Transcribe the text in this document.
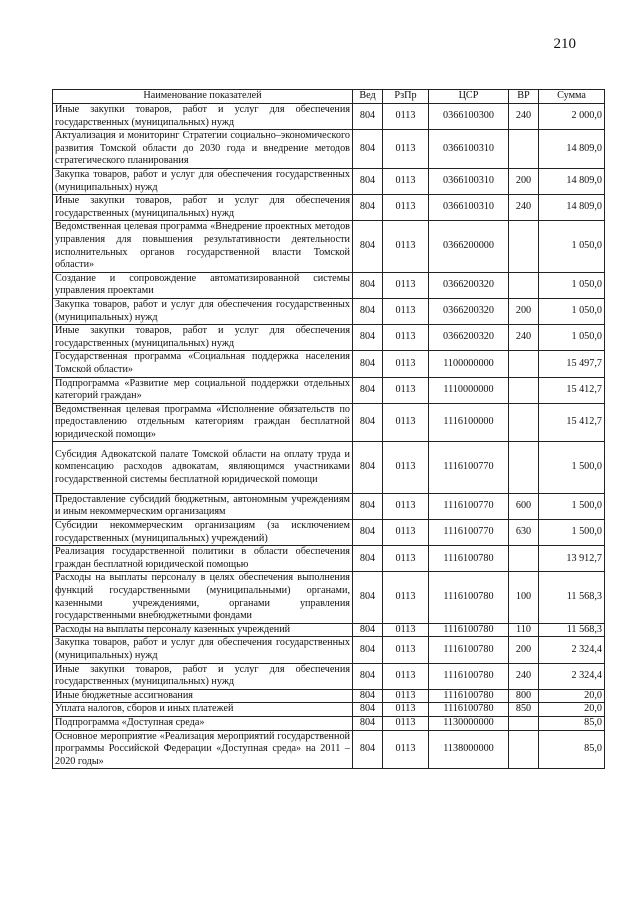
210
Наименование показателей	Вед	РзПр	ЦСР	ВР	Сумма
Иные закупки товаров, работ и услуг для обеспечения государственных (муниципальных) нужд	804	0113	0366100300	240	2 000,0
Актуализация и мониторинг Стратегии социально–экономического развития Томской области до 2030 года и внедрение методов стратегического планирования	804	0113	0366100310		14 809,0
Закупка товаров, работ и услуг для обеспечения государственных (муниципальных) нужд	804	0113	0366100310	200	14 809,0
Иные закупки товаров, работ и услуг для обеспечения государственных (муниципальных) нужд	804	0113	0366100310	240	14 809,0
Ведомственная целевая программа «Внедрение проектных методов управления для повышения результативности деятельности исполнительных органов государственной власти Томской области»	804	0113	0366200000		1 050,0
Создание и сопровождение автоматизированной системы управления проектами	804	0113	0366200320		1 050,0
Закупка товаров, работ и услуг для обеспечения государственных (муниципальных) нужд	804	0113	0366200320	200	1 050,0
Иные закупки товаров, работ и услуг для обеспечения государственных (муниципальных) нужд	804	0113	0366200320	240	1 050,0
Государственная программа «Социальная поддержка населения Томской области»	804	0113	1100000000		15 497,7
Подпрограмма «Развитие мер социальной поддержки отдельных категорий граждан»	804	0113	1110000000		15 412,7
Ведомственная целевая программа «Исполнение обязательств по предоставлению отдельным категориям граждан бесплатной юридической помощи»	804	0113	1116100000		15 412,7
Субсидия Адвокатской палате Томской области на оплату труда и компенсацию расходов адвокатам, являющимся участниками государственной системы бесплатной юридической помощи	804	0113	1116100770		1 500,0
Предоставление субсидий бюджетным, автономным учреждениям и иным некоммерческим организациям	804	0113	1116100770	600	1 500,0
Субсидии некоммерческим организациям (за исключением государственных (муниципальных) учреждений)	804	0113	1116100770	630	1 500,0
Реализация государственной политики в области обеспечения граждан бесплатной юридической помощью	804	0113	1116100780		13 912,7
Расходы на выплаты персоналу в целях обеспечения выполнения функций государственными (муниципальными) органами, казенными учреждениями, органами управления государственными внебюджетными фондами	804	0113	1116100780	100	11 568,3
Расходы на выплаты персоналу казенных учреждений	804	0113	1116100780	110	11 568,3
Закупка товаров, работ и услуг для обеспечения государственных (муниципальных) нужд	804	0113	1116100780	200	2 324,4
Иные закупки товаров, работ и услуг для обеспечения государственных (муниципальных) нужд	804	0113	1116100780	240	2 324,4
Иные бюджетные ассигнования	804	0113	1116100780	800	20,0
Уплата налогов, сборов и иных платежей	804	0113	1116100780	850	20,0
Подпрограмма «Доступная среда»	804	0113	1130000000		85,0
Основное мероприятие «Реализация мероприятий государственной программы Российской Федерации «Доступная среда» на 2011 – 2020 годы»	804	0113	1138000000		85,0
